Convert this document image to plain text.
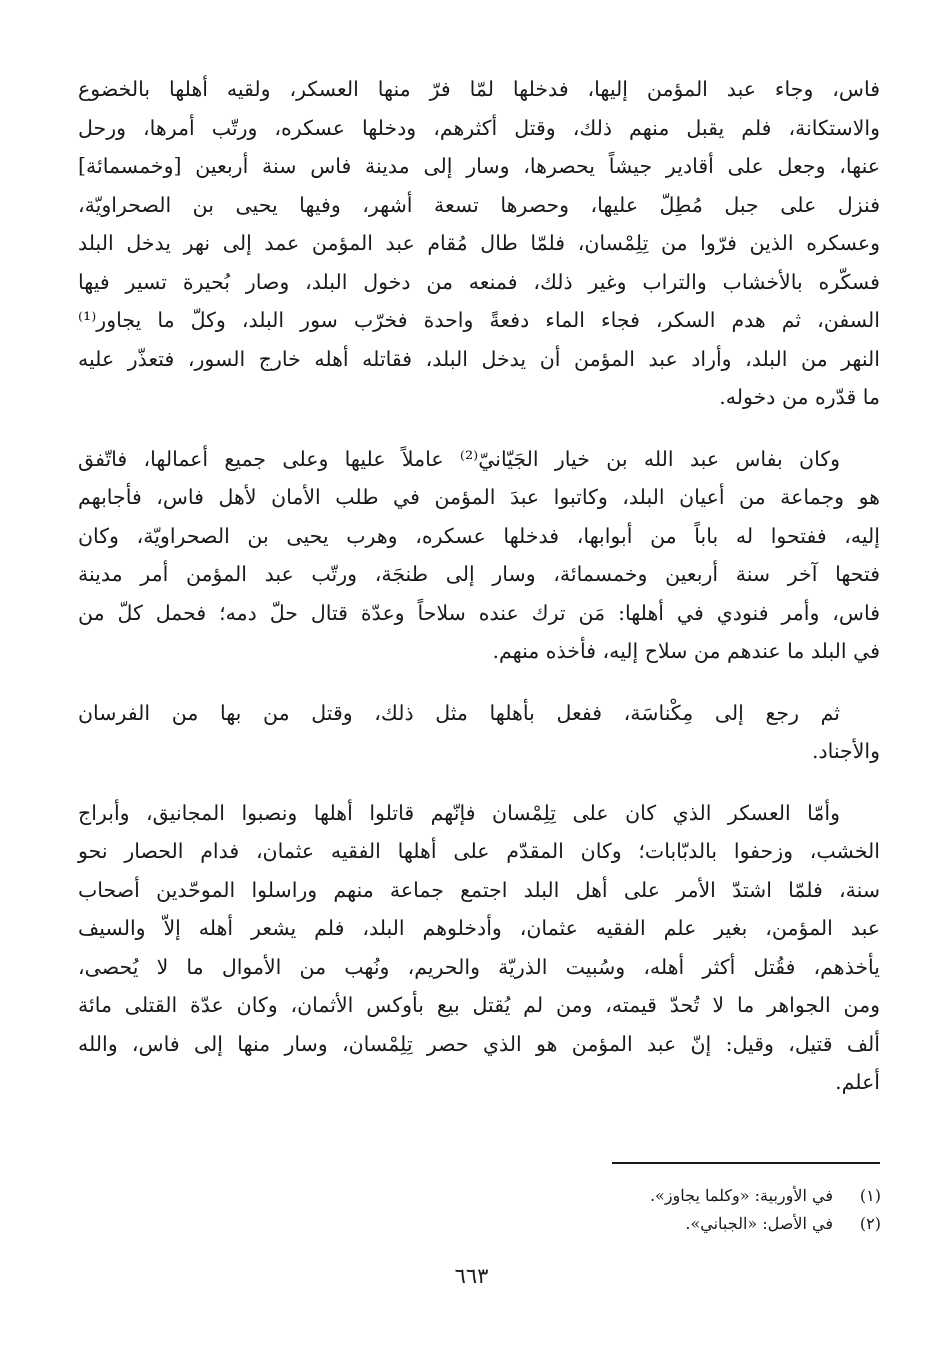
فاس، وجاء عبد المؤمن إليها، فدخلها لمّا فرّ منها العسكر، ولقيه أهلها بالخضوع
والاستكانة، فلم يقبل منهم ذلك، وقتل أكثرهم، ودخلها عسكره، ورتّب أمرها، ورحل
عنها، وجعل على أقادير جيشاً يحصرها، وسار إلى مدينة فاس سنة أربعين [وخمسمائة]
فنزل على جبل مُطِلّ عليها، وحصرها تسعة أشهر، وفيها يحيى بن الصحراويّة،
وعسكره الذين فرّوا من تِلِمْسان، فلمّا طال مُقام عبد المؤمن عمد إلى نهر يدخل البلد
فسكّره بالأخشاب والتراب وغير ذلك، فمنعه من دخول البلد، وصار بُحيرة تسير فيها
السفن، ثم هدم السكر، فجاء الماء دفعةً واحدة فخرّب سور البلد، وكلّ ما يجاور⁽¹⁾
النهر من البلد، وأراد عبد المؤمن أن يدخل البلد، فقاتله أهله خارج السور، فتعذّر عليه
ما قدّره من دخوله.

وكان بفاس عبد الله بن خيار الجَيّانيّ⁽²⁾ عاملاً عليها وعلى جميع أعمالها، فاتّفق
هو وجماعة من أعيان البلد، وكاتبوا عبدَ المؤمن في طلب الأمان لأهل فاس، فأجابهم
إليه، ففتحوا له باباً من أبوابها، فدخلها عسكره، وهرب يحيى بن الصحراويّة، وكان
فتحها آخر سنة أربعين وخمسمائة، وسار إلى طنجَة، ورتّب عبد المؤمن أمر مدينة
فاس، وأمر فنودي في أهلها: مَن ترك عنده سلاحاً وعدّة قتال حلّ دمه؛ فحمل كلّ من
في البلد ما عندهم من سلاح إليه، فأخذه منهم.

ثم رجع إلى مِكْناسَة، ففعل بأهلها مثل ذلك، وقتل من بها من الفرسان
والأجناد.

وأمّا العسكر الذي كان على تِلِمْسان فإنّهم قاتلوا أهلها ونصبوا المجانيق، وأبراج
الخشب، وزحفوا بالدبّابات؛ وكان المقدّم على أهلها الفقيه عثمان، فدام الحصار نحو
سنة، فلمّا اشتدّ الأمر على أهل البلد اجتمع جماعة منهم وراسلوا الموحّدين أصحاب
عبد المؤمن، بغير علم الفقيه عثمان، وأدخلوهم البلد، فلم يشعر أهله إلاّ والسيف
يأخذهم، فقُتل أكثر أهله، وسُبيت الذريّة والحريم، ونُهب من الأموال ما لا يُحصى،
ومن الجواهر ما لا تُحدّ قيمته، ومن لم يُقتل بيع بأوكس الأثمان، وكان عدّة القتلى مائة
ألف قتيل، وقيل: إنّ عبد المؤمن هو الذي حصر تِلِمْسان، وسار منها إلى فاس، والله
أعلم.

(١)
في الأوربية: «وكلما يجاوز».
(٢)
في الأصل: «الجباني».
٦٦٣
